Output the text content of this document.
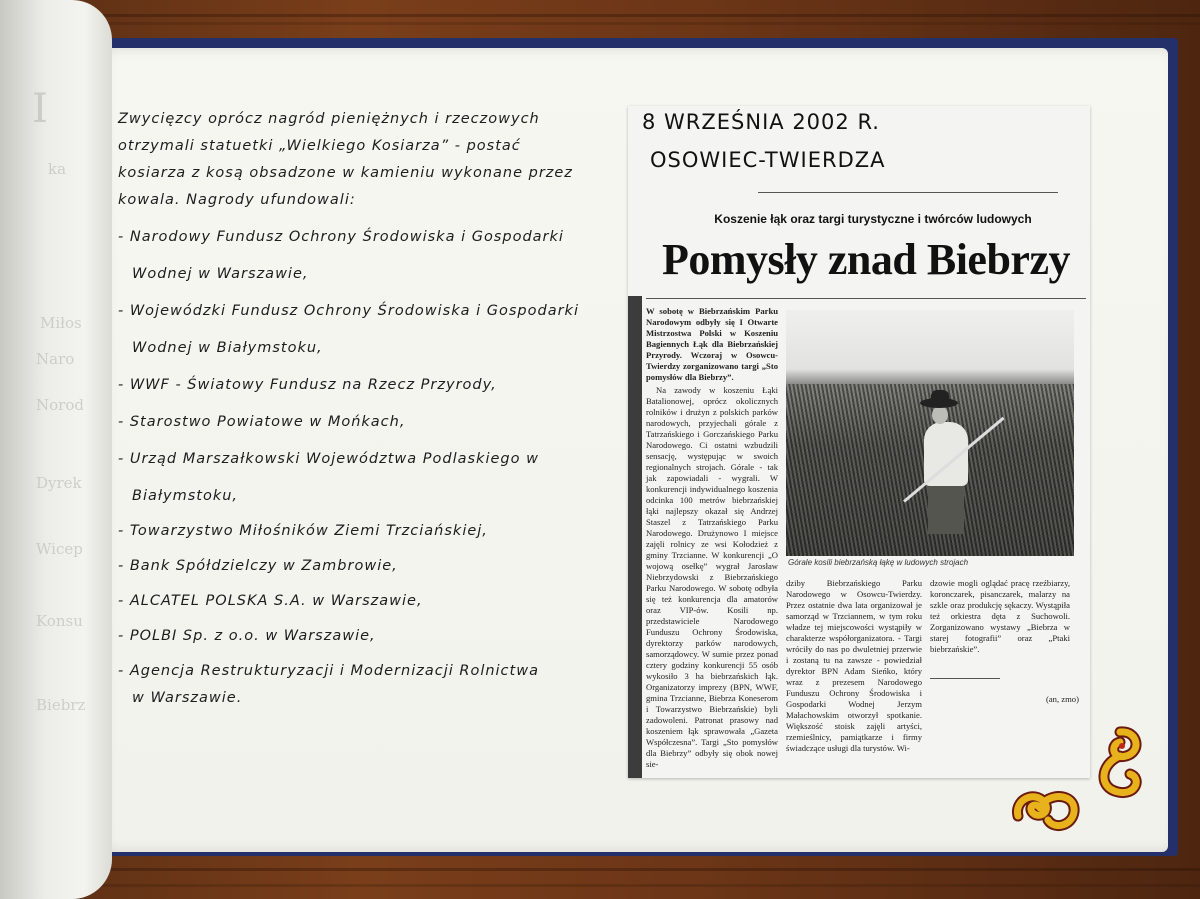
I
ka
Miłos
Naro
Norod
Dyrek
Wicep
Konsu
Biebrz
Zwycięzcy oprócz nagród pieniężnych i rzeczowych
otrzymali statuetki „Wielkiego Kosiarza” - postać
kosiarza z kosą obsadzone w kamieniu wykonane przez
kowala. Nagrody ufundowali:
- Narodowy Fundusz Ochrony Środowiska i Gospodarki
Wodnej w Warszawie,
- Wojewódzki Fundusz Ochrony Środowiska i Gospodarki
Wodnej w Białymstoku,
- WWF - Światowy Fundusz na Rzecz Przyrody,
- Starostwo Powiatowe w Mońkach,
- Urząd Marszałkowski Województwa Podlaskiego w
Białymstoku,
- Towarzystwo Miłośników Ziemi Trzciańskiej,
- Bank Spółdzielczy w Zambrowie,
- ALCATEL POLSKA S.A. w Warszawie,
- POLBI Sp. z o.o. w Warszawie,
- Agencja Restrukturyzacji i Modernizacji Rolnictwa
w Warszawie.
8 WRZEŚNIA 2002 R.
OSOWIEC-TWIERDZA
Koszenie łąk oraz targi turystyczne i twórców ludowych
Pomysły znad Biebrzy

W sobotę w Biebrzańskim Parku Narodowym odbyły się I Otwarte Mistrzostwa Polski w Koszeniu Bagiennych Łąk dla Biebrzańskiej Przyrody. Wczoraj w Osowcu-Twierdzy zorganizowano targi „Sto pomysłów dla Biebrzy”.

Na zawody w koszeniu Łąki Batalionowej, oprócz okolicznych rolników i drużyn z polskich parków narodowych, przyjechali górale z Tatrzańskiego i Gorczańskiego Parku Narodowego. Ci ostatni wzbudzili sensację, występując w swoich regionalnych strojach. Górale - tak jak zapowiadali - wygrali. W konkurencji indywidualnego koszenia odcinka 100 metrów biebrzańskiej łąki najlepszy okazał się Andrzej Staszel z Tatrzańskiego Parku Narodowego. Drużynowo I miejsce zajęli rolnicy ze wsi Kołodzież z gminy Trzcianne. W konkurencji „O wojową osełkę” wygrał Jarosław Niebrzydowski z Biebrzańskiego Parku Narodowego. W sobotę odbyła się też konkurencja dla amatorów oraz VIP-ów. Kosili np. przedstawiciele Narodowego Funduszu Ochrony Środowiska, dyrektorzy parków narodowych, samorządowcy. W sumie przez ponad cztery godziny konkurencji 55 osób wykosiło 3 ha biebrzańskich łąk. Organizatorzy imprezy (BPN, WWF, gmina Trzcianne, Biebrza Koneserom i Towarzystwo Biebrzańskie) byli zadowoleni. Patronat prasowy nad koszeniem łąk sprawowała „Gazeta Współczesna”. Targi „Sto pomysłów dla Biebrzy” odbyły się obok nowej sie-

Górale kosili biebrzańską łąkę w ludowych strojach

dziby Biebrzańskiego Parku Narodowego w Osowcu-Twierdzy. Przez ostatnie dwa lata organizował je samorząd w Trzciannem, w tym roku władze tej miejscowości wystąpiły w charakterze współorganizatora. - Targi wróciły do nas po dwuletniej przerwie i zostaną tu na zawsze - powiedział dyrektor BPN Adam Sieńko, który wraz z prezesem Narodowego Funduszu Ochrony Środowiska i Gospodarki Wodnej Jerzym Małachowskim otworzył spotkanie. Większość stoisk zajęli artyści, rzemieślnicy, pamiątkarze i firmy świadczące usługi dla turystów. Wi-

dzowie mogli oglądać pracę rzeźbiarzy, koronczarek, pisanczarek, malarzy na szkle oraz produkcję sękaczy. Wystąpiła też orkiestra dęta z Suchowoli. Zorganizowano wystawy „Biebrza w starej fotografii” oraz „Ptaki biebrzańskie”.

(an, zmo)
